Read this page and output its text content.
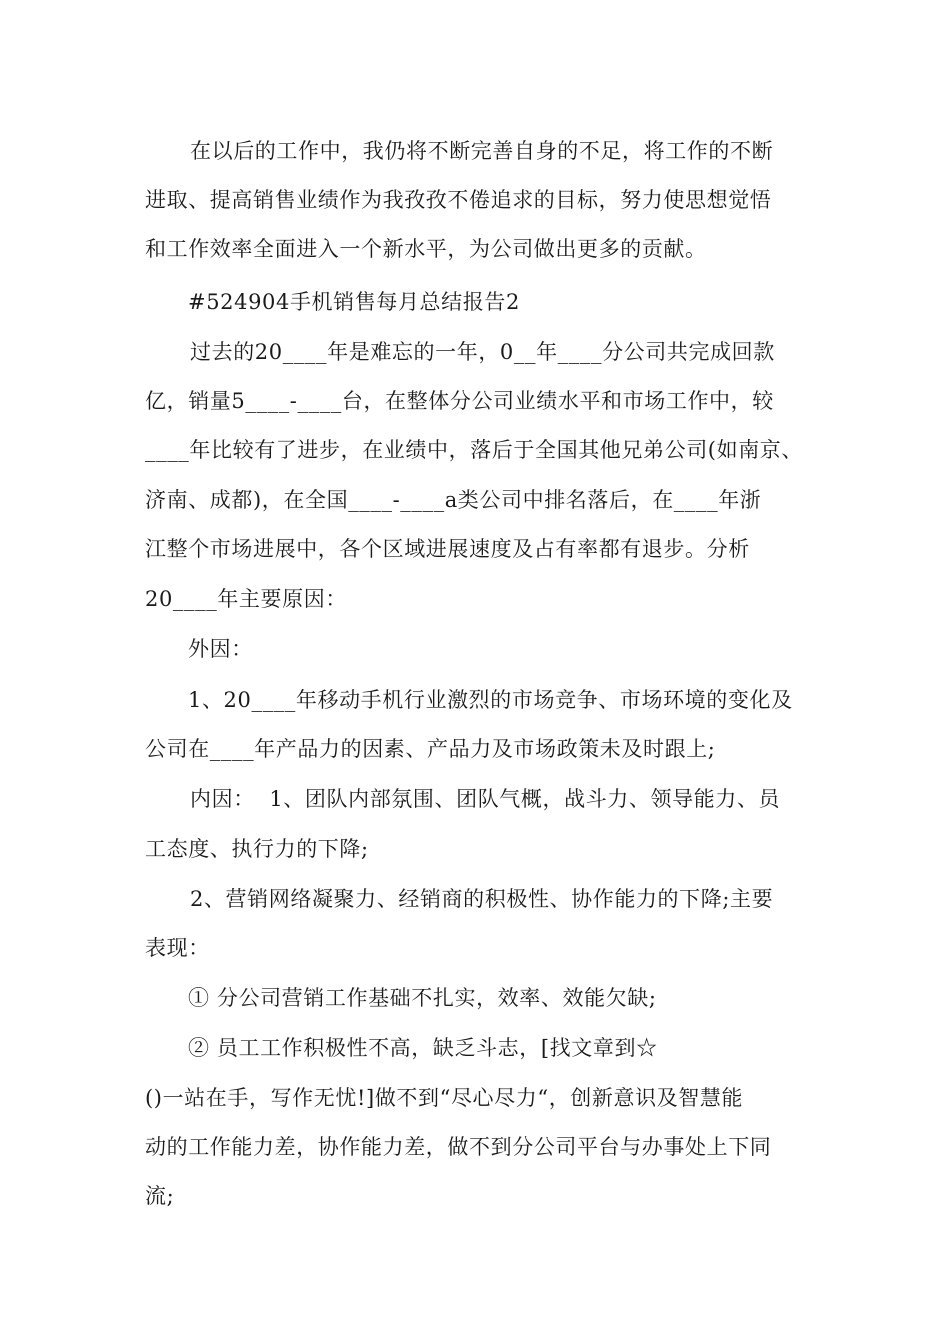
在以后的工作中，我仍将不断完善自身的不足，将工作的不断
进取、提高销售业绩作为我孜孜不倦追求的目标，努力使思想觉悟
和工作效率全面进入一个新水平，为公司做出更多的贡献。
#524904手机销售每月总结报告2
过去的20____年是难忘的一年，0__年____分公司共完成回款
亿，销量5____-____台，在整体分公司业绩水平和市场工作中，较
____年比较有了进步，在业绩中，落后于全国其他兄弟公司(如南京、
济南、成都)，在全国____-____a类公司中排名落后，在____年浙
江整个市场进展中，各个区域进展速度及占有率都有退步。分析
20____年主要原因：
外因：
1、20____年移动手机行业激烈的市场竞争、市场环境的变化及
公司在____年产品力的因素、产品力及市场政策未及时跟上;
内因：  1、团队内部氛围、团队气概，战斗力、领导能力、员
工态度、执行力的下降;
2、营销网络凝聚力、经销商的积极性、协作能力的下降;主要
表现：
① 分公司营销工作基础不扎实，效率、效能欠缺;
② 员工工作积极性不高，缺乏斗志，[找文章到☆
()一站在手，写作无忧!]做不到“尽心尽力“，创新意识及智慧能
动的工作能力差，协作能力差，做不到分公司平台与办事处上下同
流;
